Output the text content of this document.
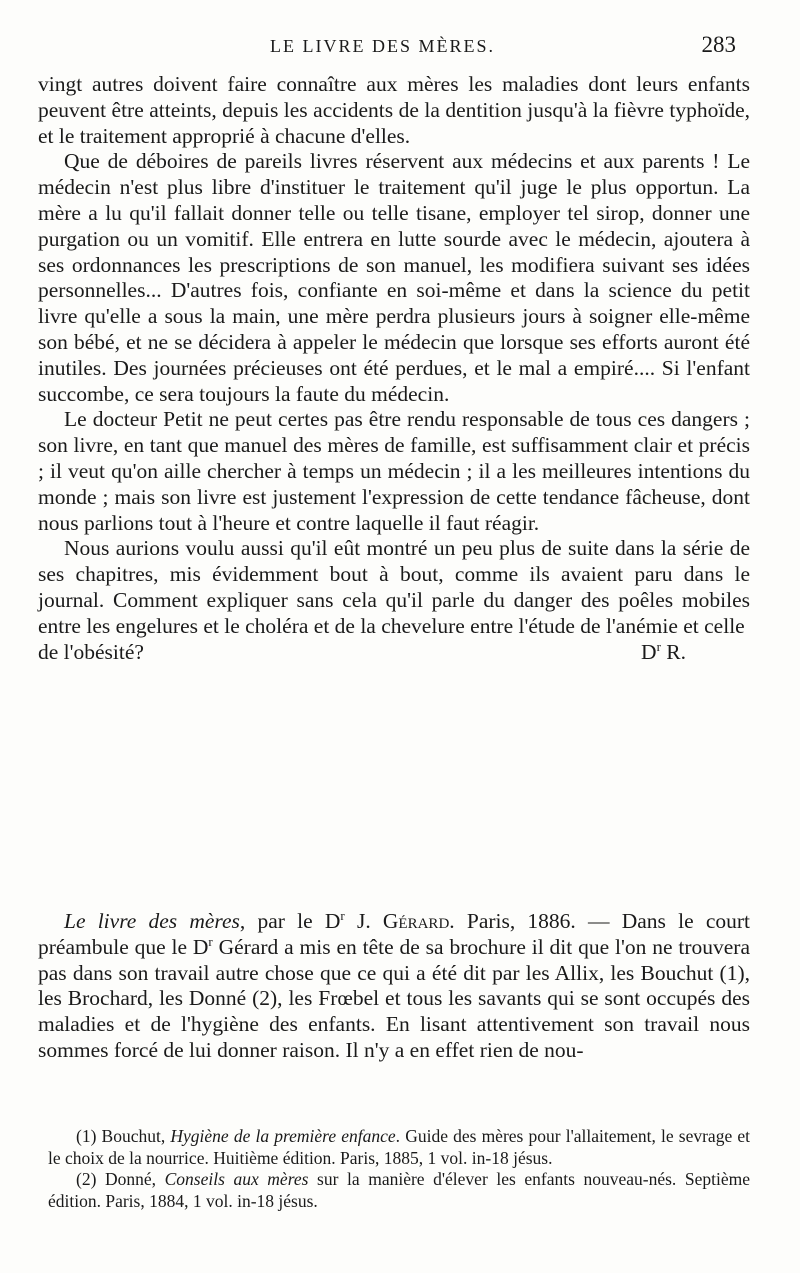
LE LIVRE DES MÈRES.	283

vingt autres doivent faire connaître aux mères les maladies dont leurs enfants peuvent être atteints, depuis les accidents de la dentition jusqu'à la fièvre typhoïde, et le traitement approprié à chacune d'elles.

Que de déboires de pareils livres réservent aux médecins et aux parents ! Le médecin n'est plus libre d'instituer le traitement qu'il juge le plus opportun. La mère a lu qu'il fallait donner telle ou telle tisane, employer tel sirop, donner une purgation ou un vomitif. Elle entrera en lutte sourde avec le médecin, ajoutera à ses ordonnances les prescriptions de son manuel, les modifiera suivant ses idées personnelles... D'autres fois, confiante en soi-même et dans la science du petit livre qu'elle a sous la main, une mère perdra plusieurs jours à soigner elle-même son bébé, et ne se décidera à appeler le médecin que lorsque ses efforts auront été inutiles. Des journées précieuses ont été perdues, et le mal a empiré.... Si l'enfant succombe, ce sera toujours la faute du médecin.

Le docteur Petit ne peut certes pas être rendu responsable de tous ces dangers ; son livre, en tant que manuel des mères de famille, est suffisamment clair et précis ; il veut qu'on aille chercher à temps un médecin ; il a les meilleures intentions du monde ; mais son livre est justement l'expression de cette tendance fâcheuse, dont nous parlions tout à l'heure et contre laquelle il faut réagir.

Nous aurions voulu aussi qu'il eût montré un peu plus de suite dans la série de ses chapitres, mis évidemment bout à bout, comme ils avaient paru dans le journal. Comment expliquer sans cela qu'il parle du danger des poêles mobiles entre les engelures et le choléra et de la chevelure entre l'étude de l'anémie et celle

de l'obésité?	$D^r$ R.

Le livre des mères, par le $D^r$ J. Gérard. Paris, 1886. — Dans le court préambule que le $D^r$ Gérard a mis en tête de sa brochure il dit que l'on ne trouvera pas dans son travail autre chose que ce qui a été dit par les Allix, les Bouchut (1), les Brochard, les Donné (2), les Frœbel et tous les savants qui se sont occupés des maladies et de l'hygiène des enfants. En lisant attentivement son travail nous sommes forcé de lui donner raison. Il n'y a en effet rien de nou-

(1) Bouchut, Hygiène de la première enfance. Guide des mères pour l'allaitement, le sevrage et le choix de la nourrice. Huitième édition. Paris, 1885, 1 vol. in-18 jésus.

(2) Donné, Conseils aux mères sur la manière d'élever les enfants nouveau-nés. Septième édition. Paris, 1884, 1 vol. in-18 jésus.
